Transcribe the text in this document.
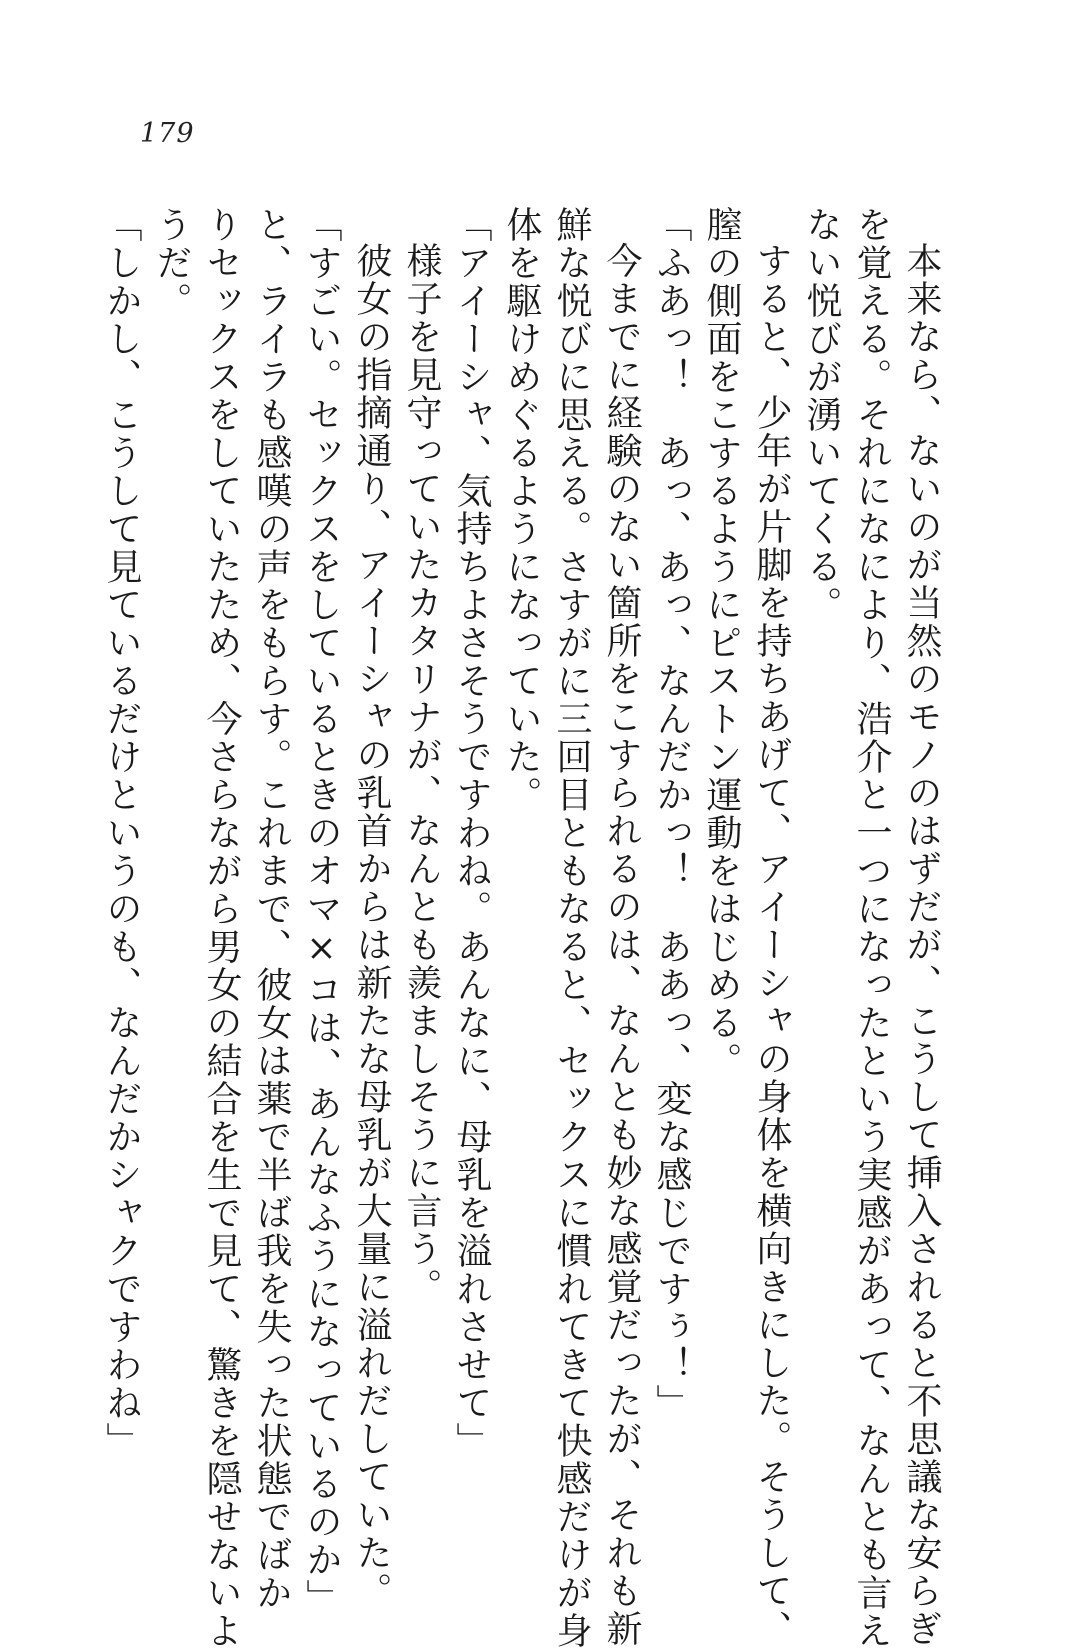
179
本来なら、ないのが当然のモノのはずだが、こうして挿入されると不思議な安らぎ
を覚える。それになにより、浩介と一つになったという実感があって、なんとも言え
ない悦びが湧いてくる。
すると、少年が片脚を持ちあげて、アイーシャの身体を横向きにした。そうして、
膣の側面をこするようにピストン運動をはじめる。
「ふあっ！　あっ、あっ、なんだかっ！　ああっ、変な感じですぅ！」
今までに経験のない箇所をこすられるのは、なんとも妙な感覚だったが、それも新
鮮な悦びに思える。さすがに三回目ともなると、セックスに慣れてきて快感だけが身
体を駆けめぐるようになっていた。
「アイーシャ、気持ちよさそうですわね。あんなに、母乳を溢れさせて」
様子を見守っていたカタリナが、なんとも羨ましそうに言う。
彼女の指摘通り、アイーシャの乳首からは新たな母乳が大量に溢れだしていた。
「すごい。セックスをしているときのオマ×コは、あんなふうになっているのか」
と、ライラも感嘆の声をもらす。これまで、彼女は薬で半ば我を失った状態でばか
りセックスをしていたため、今さらながら男女の結合を生で見て、驚きを隠せないよ
うだ。
「しかし、こうして見ているだけというのも、なんだかシャクですわね」
